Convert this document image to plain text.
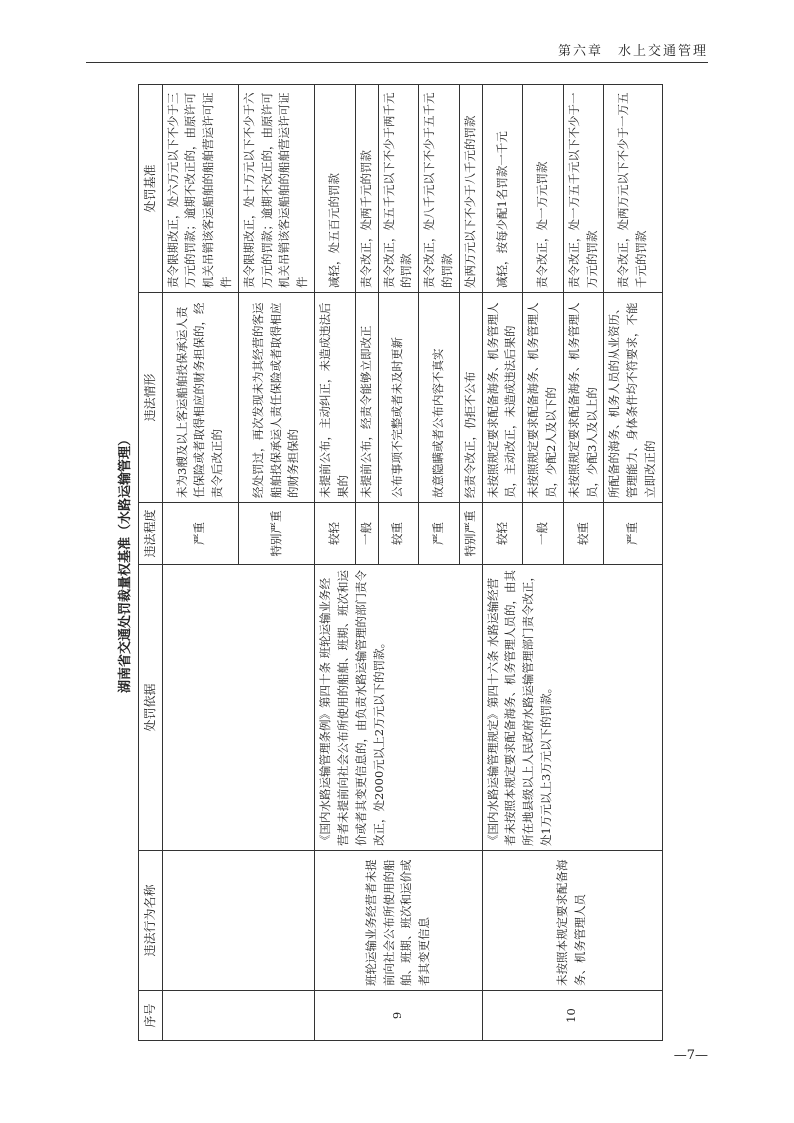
第六章　水上交通管理
湖南省交通处罚裁量权基准（水路运输管理）
序号	违法行为名称	处罚依据	违法程度	违法情形	处罚基准
			严重	未为3艘及以上客运船舶投保承运人责任保险或者取得相应的财务担保的，经责令后改正的	责令限期改正，处六万元以下不少于三万元的罚款；逾期不改正的，由原许可机关吊销该客运船舶的船舶营运许可证件
			特别严重	经处罚过，再次发现未为其经营的客运船舶投保承运人责任保险或者取得相应的财务担保的	责令限期改正，处十万元以下不少于六万元的罚款；逾期不改正的，由原许可机关吊销该客运船舶的船舶营运许可证件
9	班轮运输业务经营者未提前向社会公布所使用的船舶、班期、班次和运价或者其变更信息	《国内水路运输管理条例》第四十条 班轮运输业务经营者未提前向社会公布所使用的船舶、班期、班次和运价或者其变更信息的，由负责水路运输管理的部门责令改正，处2000元以上2万元以下的罚款。	较轻	未提前公布，主动纠正，未造成违法后果的	减轻，处五百元的罚款
			一般	未提前公布，经责令能够立即改正	责令改正，处两千元的罚款
			较重	公布事项不完整或者未及时更新	责令改正，处五千元以下不少于两千元的罚款
			严重	故意隐瞒或者公布内容不真实	责令改正，处八千元以下不少于五千元的罚款
			特别严重	经责令改正，仍拒不公布	处两万元以下不少于八千元的罚款
10	未按照本规定要求配备海务、机务管理人员	《国内水路运输管理规定》第四十六条 水路运输经营者未按照本规定要求配备海务、机务管理人员的，由其所在地县级以上人民政府水路运输管理部门责令改正，处1万元以上3万元以下的罚款。	较轻	未按照规定要求配备海务、机务管理人员，主动改正，未造成违法后果的	减轻，按每少配1名罚款一千元
			一般	未按照规定要求配备海务、机务管理人员，少配2人及以下的	责令改正，处一万元罚款
			较重	未按照规定要求配备海务、机务管理人员，少配3人及以上的	责令改正，处一万五千元以下不少于一万元的罚款
			严重	所配备的海务、机务人员的从业资历、管理能力、身体条件均不符要求，不能立即改正的	责令改正，处两万元以下不少于一万五千元的罚款
—7—
